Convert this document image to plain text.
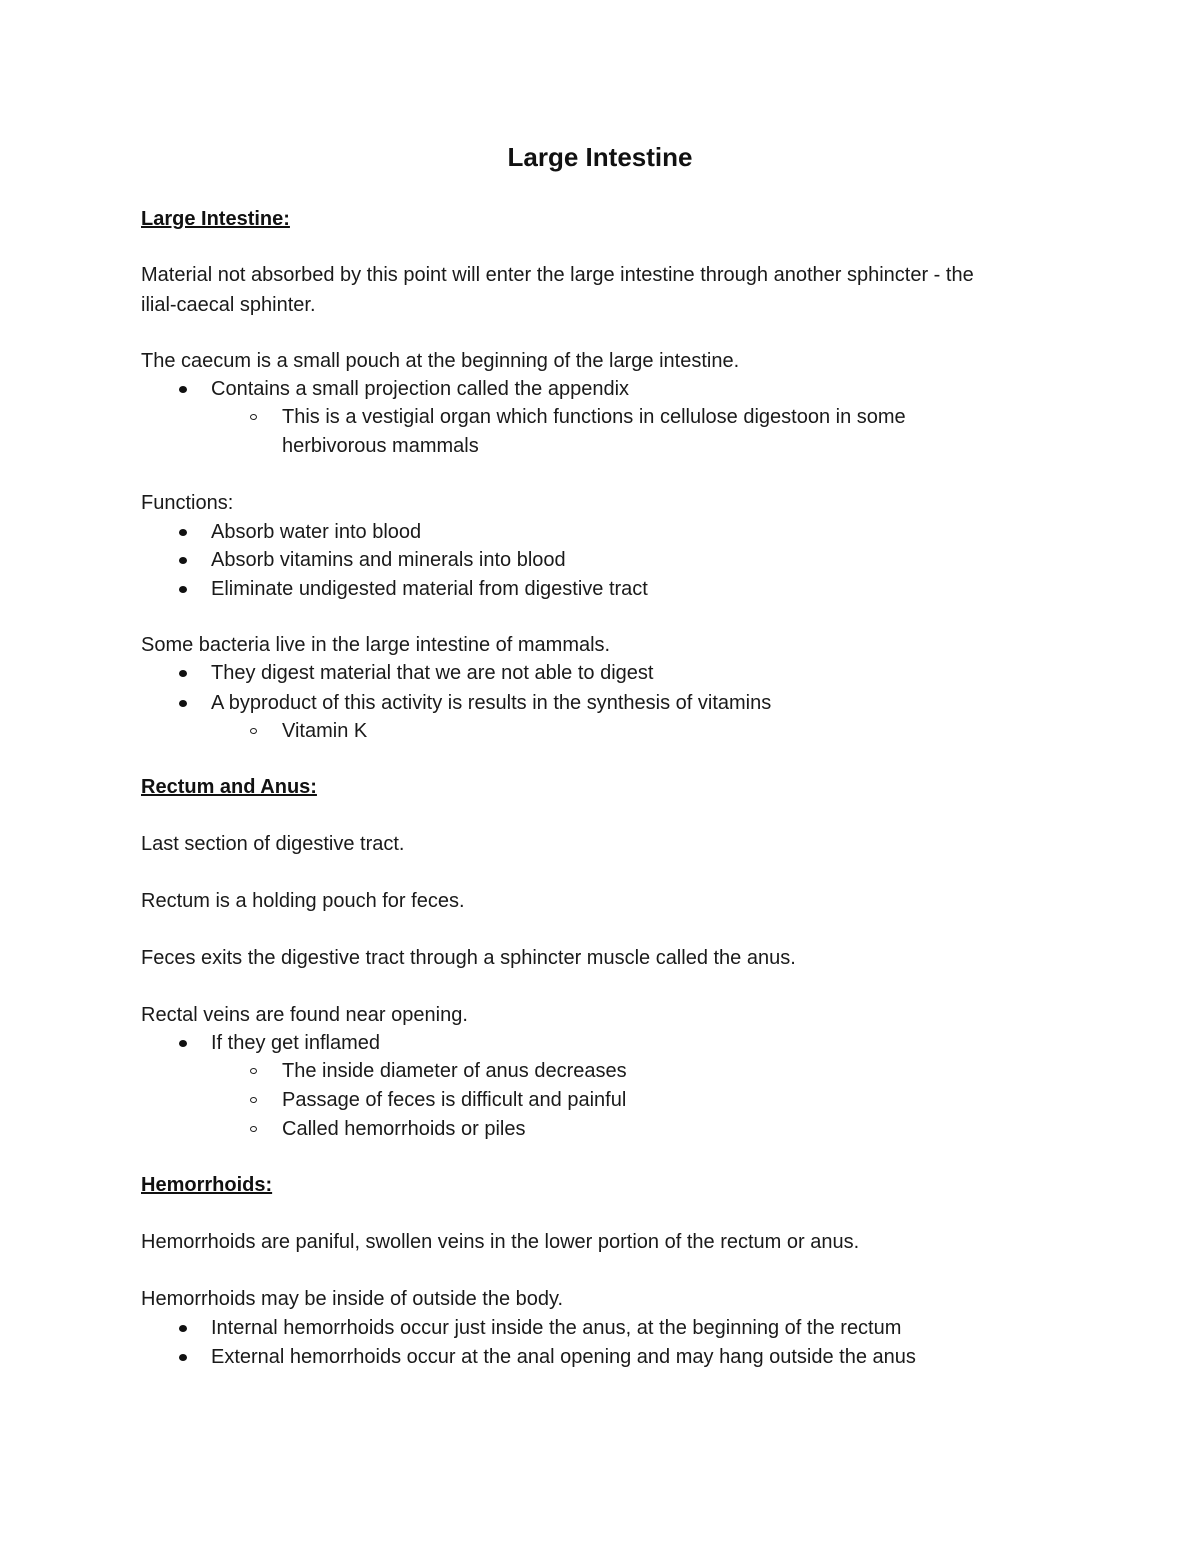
Large Intestine
Large Intestine:
Material not absorbed by this point will enter the large intestine through another sphincter - the
ilial-caecal sphinter.
The caecum is a small pouch at the beginning of the large intestine.
Contains a small projection called the appendix
This is a vestigial organ which functions in cellulose digestoon in some
herbivorous mammals
Functions:
Absorb water into blood
Absorb vitamins and minerals into blood
Eliminate undigested material from digestive tract
Some bacteria live in the large intestine of mammals.
They digest material that we are not able to digest
A byproduct of this activity is results in the synthesis of vitamins
Vitamin K
Rectum and Anus:
Last section of digestive tract.
Rectum is a holding pouch for feces.
Feces exits the digestive tract through a sphincter muscle called the anus.
Rectal veins are found near opening.
If they get inflamed
The inside diameter of anus decreases
Passage of feces is difficult and painful
Called hemorrhoids or piles
Hemorrhoids:
Hemorrhoids are paniful, swollen veins in the lower portion of the rectum or anus.
Hemorrhoids may be inside of outside the body.
Internal hemorrhoids occur just inside the anus, at the beginning of the rectum
External hemorrhoids occur at the anal opening and may hang outside the anus
